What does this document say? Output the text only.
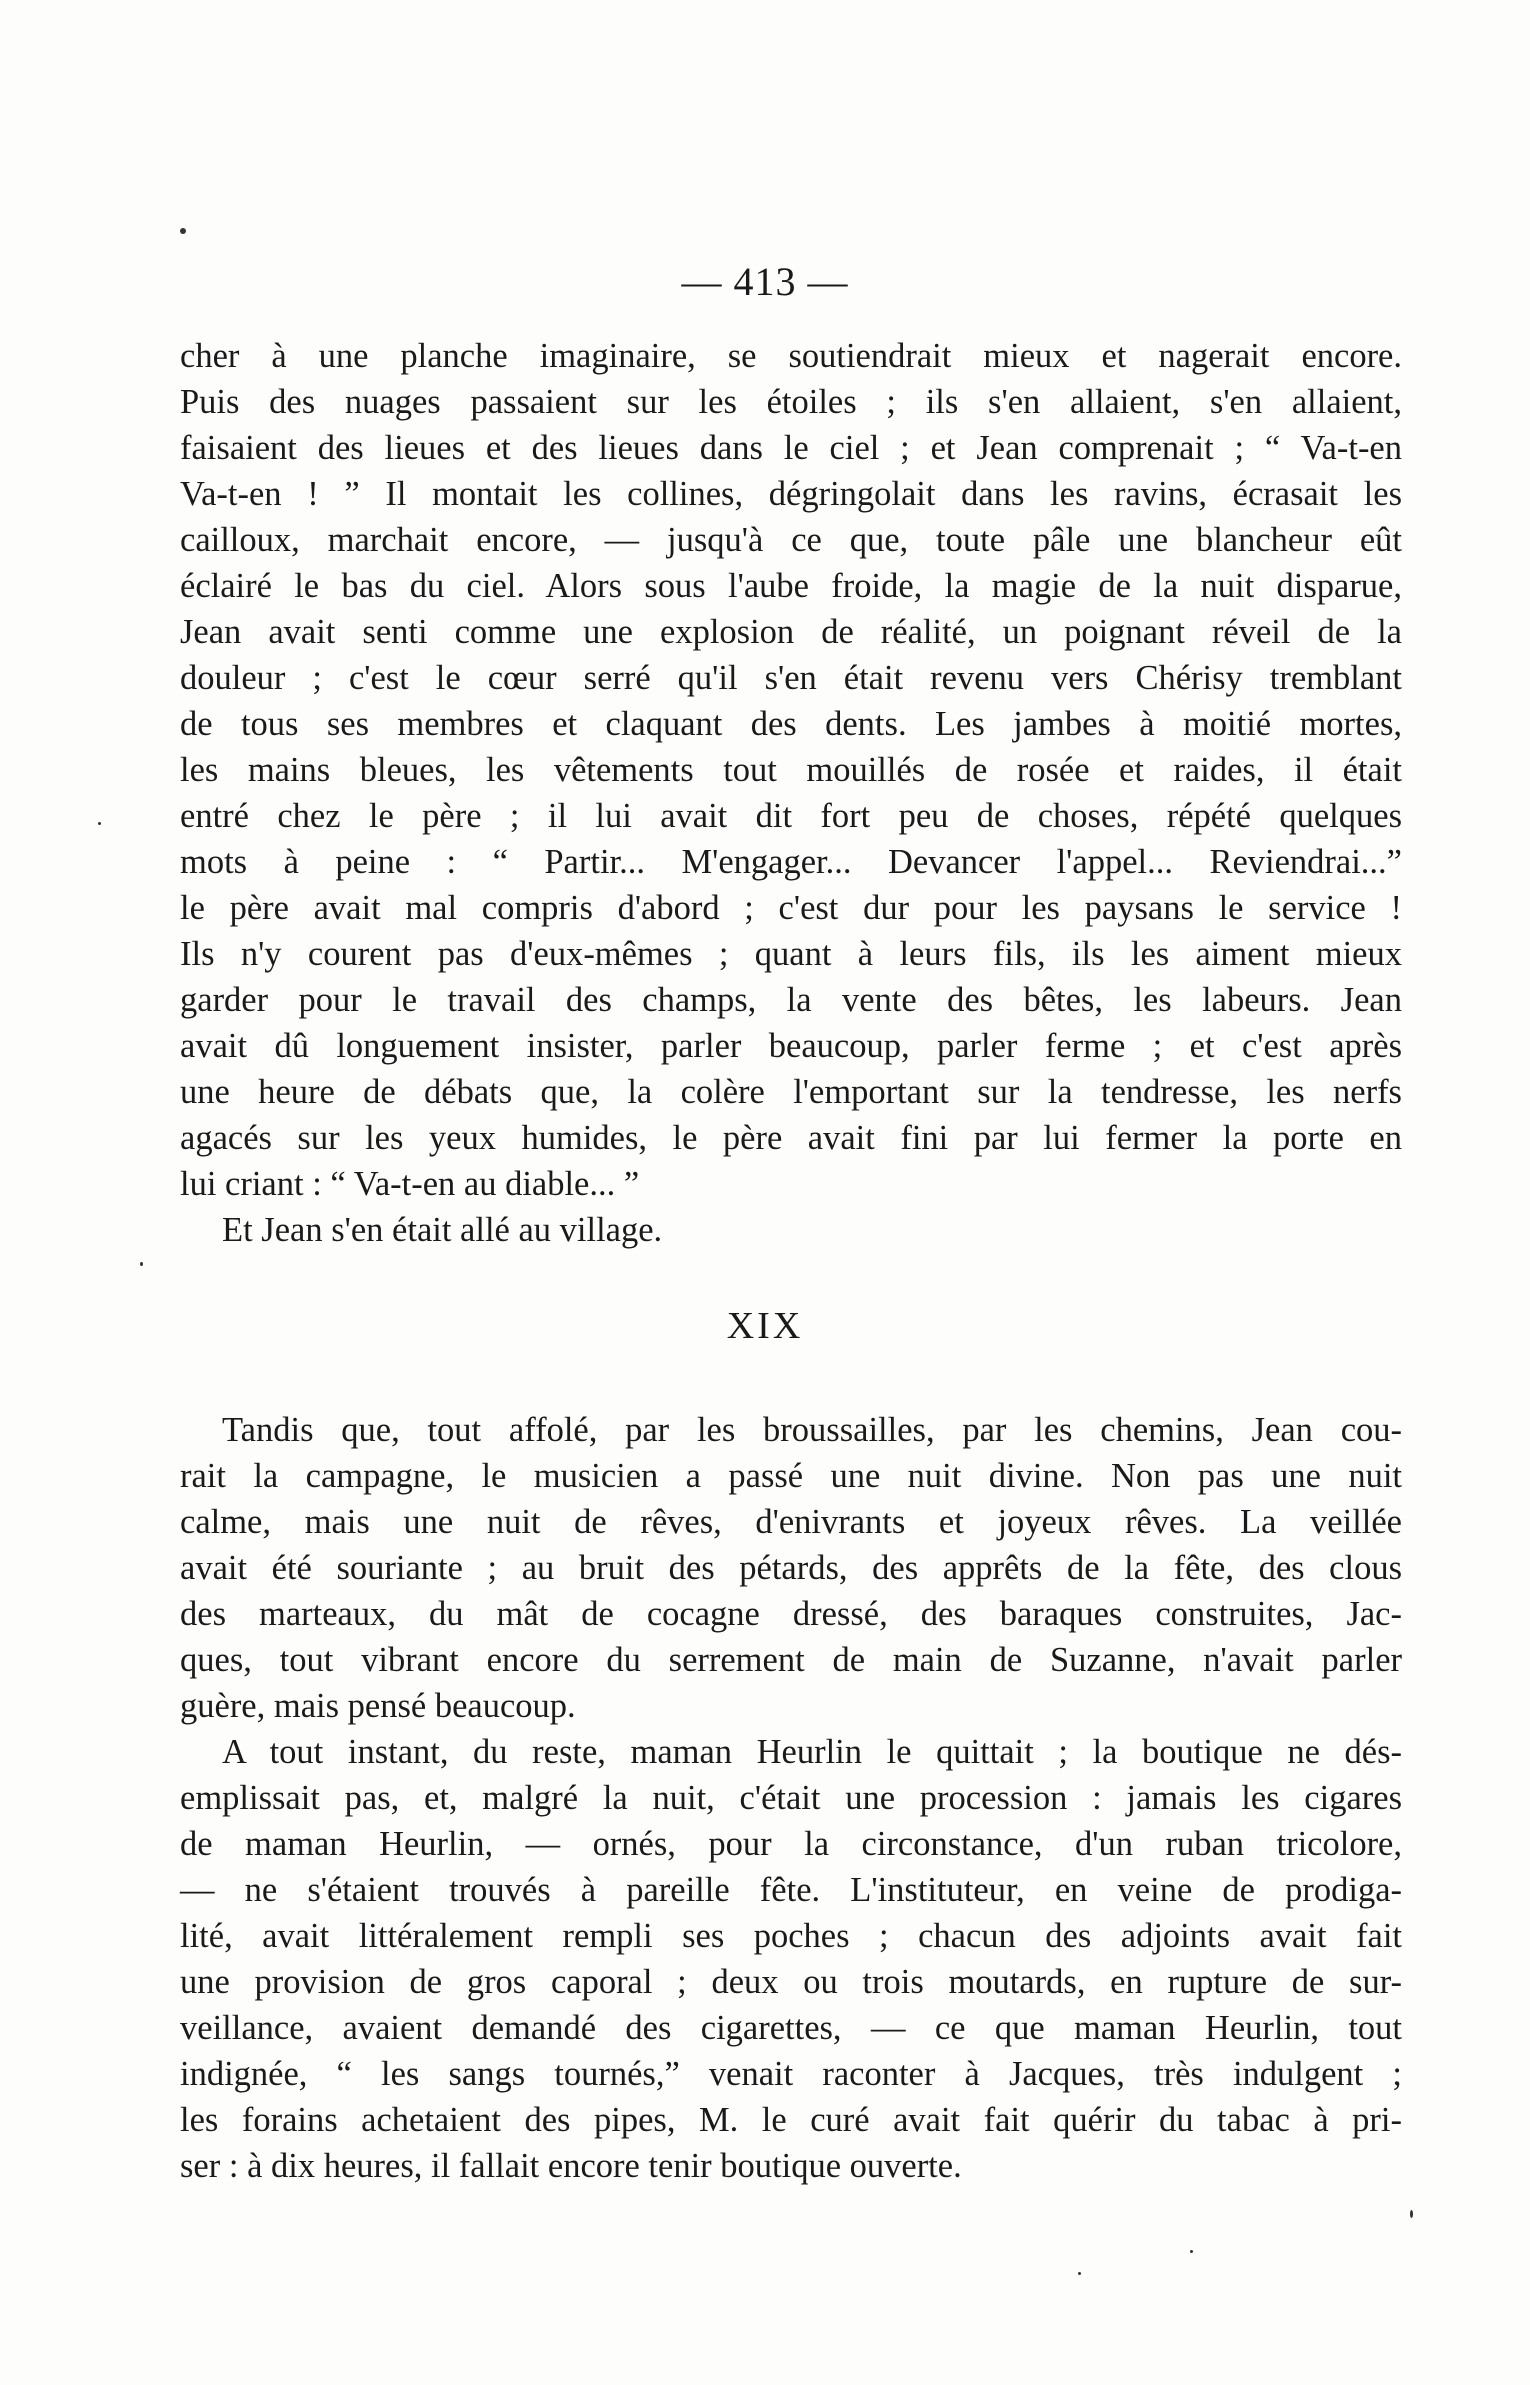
— 413 —
cher à une planche imaginaire, se soutiendrait mieux et nagerait encore.
Puis des nuages passaient sur les étoiles ; ils s'en allaient, s'en allaient,
faisaient des lieues et des lieues dans le ciel ; et Jean comprenait ; “ Va-t-en
Va-t-en ! ” Il montait les collines, dégringolait dans les ravins, écrasait les
cailloux, marchait encore, — jusqu'à ce que, toute pâle une blancheur eût
éclairé le bas du ciel. Alors sous l'aube froide, la magie de la nuit disparue,
Jean avait senti comme une explosion de réalité, un poignant réveil de la
douleur ; c'est le cœur serré qu'il s'en était revenu vers Chérisy tremblant
de tous ses membres et claquant des dents. Les jambes à moitié mortes,
les mains bleues, les vêtements tout mouillés de rosée et raides, il était
entré chez le père ; il lui avait dit fort peu de choses, répété quelques
mots à peine : “ Partir... M'engager... Devancer l'appel... Reviendrai...”
le père avait mal compris d'abord ; c'est dur pour les paysans le service !
Ils n'y courent pas d'eux-mêmes ; quant à leurs fils, ils les aiment mieux
garder pour le travail des champs, la vente des bêtes, les labeurs. Jean
avait dû longuement insister, parler beaucoup, parler ferme ; et c'est après
une heure de débats que, la colère l'emportant sur la tendresse, les nerfs
agacés sur les yeux humides, le père avait fini par lui fermer la porte en
lui criant : “ Va-t-en au diable... ”
Et Jean s'en était allé au village.
XIX
Tandis que, tout affolé, par les broussailles, par les chemins, Jean cou-
rait la campagne, le musicien a passé une nuit divine. Non pas une nuit
calme, mais une nuit de rêves, d'enivrants et joyeux rêves. La veillée
avait été souriante ; au bruit des pétards, des apprêts de la fête, des clous
des marteaux, du mât de cocagne dressé, des baraques construites, Jac-
ques, tout vibrant encore du serrement de main de Suzanne, n'avait parler
guère, mais pensé beaucoup.
A tout instant, du reste, maman Heurlin le quittait ; la boutique ne dés-
emplissait pas, et, malgré la nuit, c'était une procession : jamais les cigares
de maman Heurlin, — ornés, pour la circonstance, d'un ruban tricolore,
— ne s'étaient trouvés à pareille fête. L'instituteur, en veine de prodiga-
lité, avait littéralement rempli ses poches ; chacun des adjoints avait fait
une provision de gros caporal ; deux ou trois moutards, en rupture de sur-
veillance, avaient demandé des cigarettes, — ce que maman Heurlin, tout
indignée, “ les sangs tournés,” venait raconter à Jacques, très indulgent ;
les forains achetaient des pipes, M. le curé avait fait quérir du tabac à pri-
ser : à dix heures, il fallait encore tenir boutique ouverte.
